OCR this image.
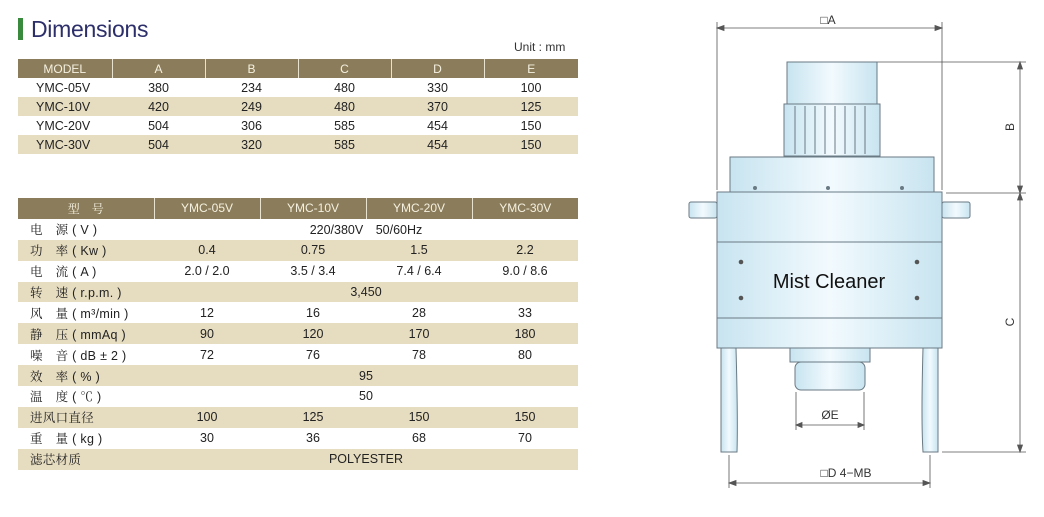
Dimensions
Unit : mm
MODEL	A	B	C	D	E
YMC-05V	380	234	480	330	100
YMC-10V	420	249	480	370	125
YMC-20V	504	306	585	454	150
YMC-30V	504	320	585	454	150
型　号	YMC-05V	YMC-10V	YMC-20V	YMC-30V
电　源 ( V )	220/380V　50/60Hz			
功　率 ( Kw )	0.4	0.75	1.5	2.2
电　流 ( A )	2.0 / 2.0	3.5 / 3.4	7.4 / 6.4	9.0 / 8.6
转　速 ( r.p.m. )	3,450			
风　量 ( m³/min )	12	16	28	33
静　压 ( mmAq )	90	120	170	180
噪　音 ( dB ± 2 )	72	76	78	80
效　率 ( % )	95			
温　度 ( ℃ )	50			
进风口直径	100	125	150	150
重　量 ( kg )	30	36	68	70
滤芯材质	POLYESTER			
□A
B
C
Mist Cleaner
ØE
□D 4−MB
